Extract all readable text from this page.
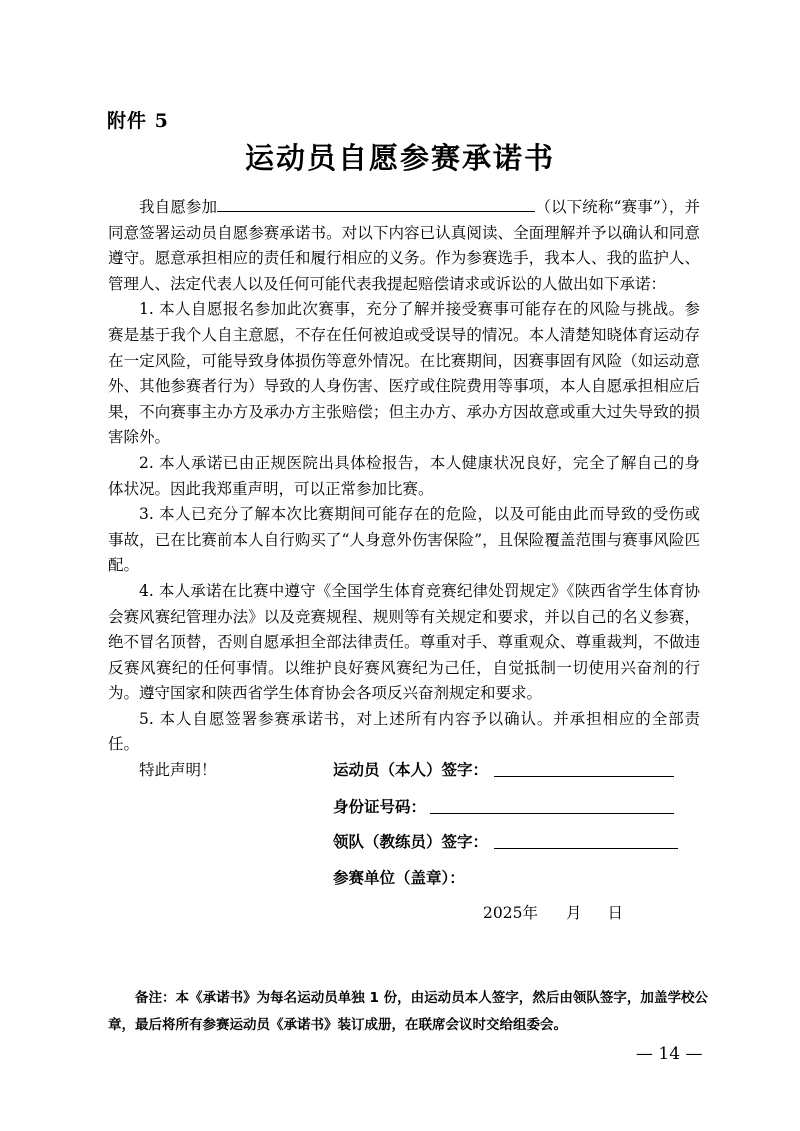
附件 5
运动员自愿参赛承诺书

我自愿参加	（以下统称“赛事”），并同意签署运动员自愿参赛承诺书。对以下内容已认真阅读、全面理解并予以确认和同意遵守。愿意承担相应的责任和履行相应的义务。作为参赛选手，我本人、我的监护人、管理人、法定代表人以及任何可能代表我提起赔偿请求或诉讼的人做出如下承诺：

1. 本人自愿报名参加此次赛事，充分了解并接受赛事可能存在的风险与挑战。参赛是基于我个人自主意愿，不存在任何被迫或受误导的情况。本人清楚知晓体育运动存在一定风险，可能导致身体损伤等意外情况。在比赛期间，因赛事固有风险（如运动意外、其他参赛者行为）导致的人身伤害、医疗或住院费用等事项，本人自愿承担相应后果，不向赛事主办方及承办方主张赔偿；但主办方、承办方因故意或重大过失导致的损害除外。

2. 本人承诺已由正规医院出具体检报告，本人健康状况良好，完全了解自己的身体状况。因此我郑重声明，可以正常参加比赛。

3. 本人已充分了解本次比赛期间可能存在的危险，以及可能由此而导致的受伤或事故，已在比赛前本人自行购买了“人身意外伤害保险”，且保险覆盖范围与赛事风险匹配。

4. 本人承诺在比赛中遵守《全国学生体育竞赛纪律处罚规定》《陕西省学生体育协会赛风赛纪管理办法》以及竞赛规程、规则等有关规定和要求，并以自己的名义参赛，绝不冒名顶替，否则自愿承担全部法律责任。尊重对手、尊重观众、尊重裁判，不做违反赛风赛纪的任何事情。以维护良好赛风赛纪为己任，自觉抵制一切使用兴奋剂的行为。遵守国家和陕西省学生体育协会各项反兴奋剂规定和要求。

5. 本人自愿签署参赛承诺书，对上述所有内容予以确认。并承担相应的全部责任。

特此声明！	运动员（本人）签字：
身份证号码：
领队（教练员）签字：
参赛单位（盖章）：
2025年 月 日

备注：本《承诺书》为每名运动员单独 1 份，由运动员本人签字，然后由领队签字，加盖学校公章，最后将所有参赛运动员《承诺书》装订成册，在联席会议时交给组委会。

— 14 —
